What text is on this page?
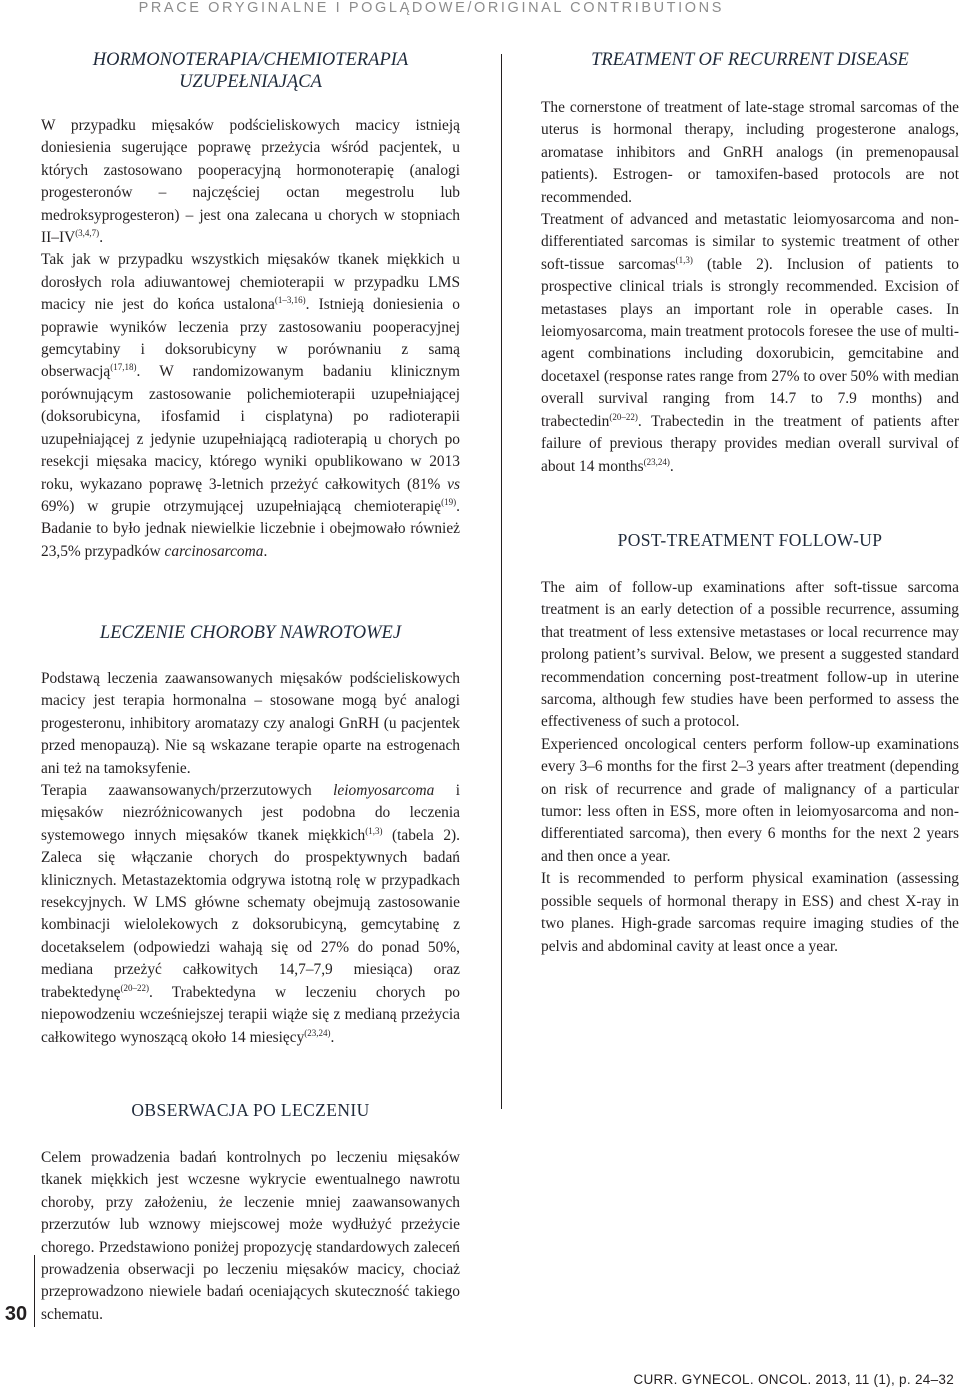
PRACE ORYGINALNE I POGLĄDOWE/ORIGINAL CONTRIBUTIONS
HORMONOTERAPIA/CHEMIOTERAPIA UZUPEŁNIAJĄCA

W przypadku mięsaków podścieliskowych macicy istnieją doniesienia sugerujące poprawę przeżycia wśród pacjentek, u których zastosowano pooperacyjną hormonoterapię (analogi progesteronów – najczęściej octan megestrolu lub medroksyprogesteron) – jest ona zalecana u chorych w stopniach II–IV$^{(3,4,7)}$.

Tak jak w przypadku wszystkich mięsaków tkanek miękkich u dorosłych rola adiuwantowej chemioterapii w przypadku LMS macicy nie jest do końca ustalona$^{(1-3,16)}$. Istnieją doniesienia o poprawie wyników leczenia przy zastosowaniu pooperacyjnej gemcytabiny i doksorubicyny w porównaniu z samą obserwacją$^{(17,18)}$. W randomizowanym badaniu klinicznym porównującym zastosowanie polichemioterapii uzupełniającej (doksorubicyna, ifosfamid i cisplatyna) po radioterapii uzupełniającej z jedynie uzupełniającą radioterapią u chorych po resekcji mięsaka macicy, którego wyniki opublikowano w 2013 roku, wykazano poprawę 3-letnich przeżyć całkowitych (81% vs 69%) w grupie otrzymującej uzupełniającą chemioterapię$^{(19)}$. Badanie to było jednak niewielkie liczebnie i obejmowało również 23,5% przypadków carcinosarcoma.

LECZENIE CHOROBY NAWROTOWEJ

Podstawą leczenia zaawansowanych mięsaków podścieliskowych macicy jest terapia hormonalna – stosowane mogą być analogi progesteronu, inhibitory aromatazy czy analogi GnRH (u pacjentek przed menopauzą). Nie są wskazane terapie oparte na estrogenach ani też na tamoksyfenie.
Terapia zaawansowanych/przerzutowych leiomyosarcoma i mięsaków niezróżnicowanych jest podobna do leczenia systemowego innych mięsaków tkanek miękkich$^{(1,3)}$ (tabela 2). Zaleca się włączanie chorych do prospektywnych badań klinicznych. Metastazektomia odgrywa istotną rolę w przypadkach resekcyjnych. W LMS główne schematy obejmują zastosowanie kombinacji wielolekowych z doksorubicyną, gemcytabinę z docetakselem (odpowiedzi wahają się od 27% do ponad 50%, mediana przeżyć całkowitych 14,7–7,9 miesiąca) oraz trabektedynę$^{(20-22)}$. Trabektedyna w leczeniu chorych po niepowodzeniu wcześniejszej terapii wiąże się z medianą przeżycia całkowitego wynoszącą około 14 miesięcy$^{(23,24)}$.

OBSERWACJA PO LECZENIU

Celem prowadzenia badań kontrolnych po leczeniu mięsaków tkanek miękkich jest wczesne wykrycie ewentualnego nawrotu choroby, przy założeniu, że leczenie mniej zaawansowanych przerzutów lub wznowy miejscowej może wydłużyć przeżycie chorego. Przedstawiono poniżej propozycję standardowych zaleceń prowadzenia obserwacji po leczeniu mięsaków macicy, chociaż przeprowadzono niewiele badań oceniających skuteczność takiego schematu.

TREATMENT OF RECURRENT DISEASE

The cornerstone of treatment of late-stage stromal sarcomas of the uterus is hormonal therapy, including progesterone analogs, aromatase inhibitors and GnRH analogs (in premenopausal patients). Estrogen- or tamoxifen-based protocols are not recommended.

Treatment of advanced and metastatic leiomyosarcoma and non-differentiated sarcomas is similar to systemic treatment of other soft-tissue sarcomas$^{(1,3)}$ (table 2). Inclusion of patients to prospective clinical trials is strongly recommended. Excision of metastases plays an important role in operable cases. In leiomyosarcoma, main treatment protocols foresee the use of multi-agent combinations including doxorubicin, gemcitabine and docetaxel (response rates range from 27% to over 50% with median overall survival ranging from 14.7 to 7.9 months) and trabectedin$^{(20-22)}$. Trabectedin in the treatment of patients after failure of previous therapy provides median overall survival of about 14 months$^{(23,24)}$.

POST-TREATMENT FOLLOW-UP

The aim of follow-up examinations after soft-tissue sarcoma treatment is an early detection of a possible recurrence, assuming that treatment of less extensive metastases or local recurrence may prolong patient’s survival. Below, we present a suggested standard recommendation concerning post-treatment follow-up in uterine sarcoma, although few studies have been performed to assess the effectiveness of such a protocol.

Experienced oncological centers perform follow-up examinations every 3–6 months for the first 2–3 years after treatment (depending on risk of recurrence and grade of malignancy of a particular tumor: less often in ESS, more often in leiomyosarcoma and non-differentiated sarcoma), then every 6 months for the next 2 years and then once a year.

It is recommended to perform physical examination (assessing possible sequels of hormonal therapy in ESS) and chest X-ray in two planes. High-grade sarcomas require imaging studies of the pelvis and abdominal cavity at least once a year.

30
CURR. GYNECOL. ONCOL. 2013, 11 (1), p. 24–32
